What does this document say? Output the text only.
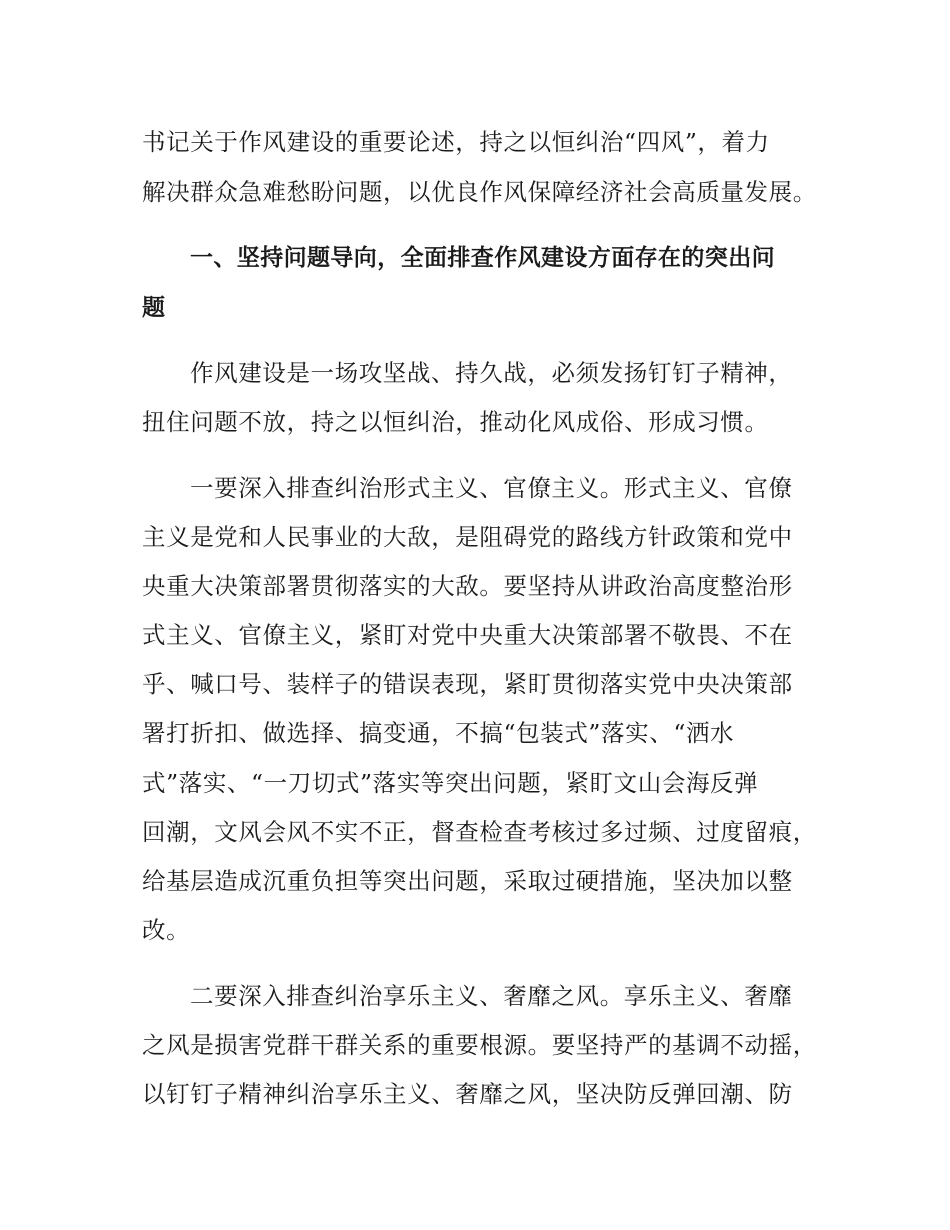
书记关于作风建设的重要论述，持之以恒纠治“四风”，着力
解决群众急难愁盼问题，以优良作风保障经济社会高质量发展。
一、坚持问题导向，全面排查作风建设方面存在的突出问
题
作风建设是一场攻坚战、持久战，必须发扬钉钉子精神，
扭住问题不放，持之以恒纠治，推动化风成俗、形成习惯。
一要深入排查纠治形式主义、官僚主义。形式主义、官僚
主义是党和人民事业的大敌，是阻碍党的路线方针政策和党中
央重大决策部署贯彻落实的大敌。要坚持从讲政治高度整治形
式主义、官僚主义，紧盯对党中央重大决策部署不敬畏、不在
乎、喊口号、装样子的错误表现，紧盯贯彻落实党中央决策部
署打折扣、做选择、搞变通，不搞“包装式”落实、“洒水
式”落实、“一刀切式”落实等突出问题，紧盯文山会海反弹
回潮，文风会风不实不正，督查检查考核过多过频、过度留痕，
给基层造成沉重负担等突出问题，采取过硬措施，坚决加以整
改。
二要深入排查纠治享乐主义、奢靡之风。享乐主义、奢靡
之风是损害党群干群关系的重要根源。要坚持严的基调不动摇，
以钉钉子精神纠治享乐主义、奢靡之风，坚决防反弹回潮、防
